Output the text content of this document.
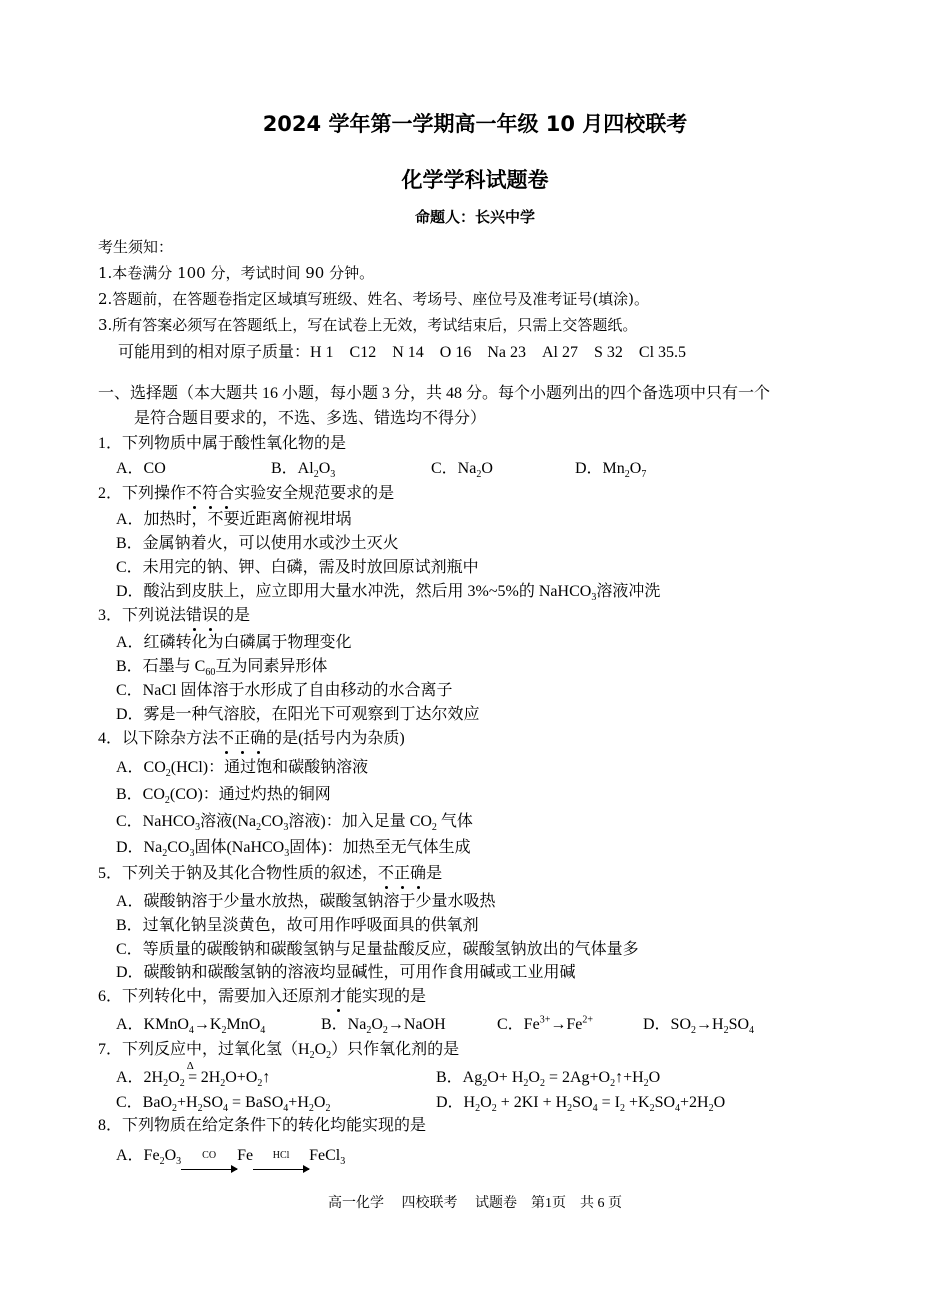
2024 学年第一学期高一年级 10 月四校联考
化学学科试题卷
命题人：长兴中学
考生须知：
1.本卷满分 100 分，考试时间 90 分钟。
2.答题前，在答题卷指定区域填写班级、姓名、考场号、座位号及准考证号(填涂)。
3.所有答案必须写在答题纸上，写在试卷上无效，考试结束后，只需上交答题纸。
可能用到的相对原子质量：H 1　C12　N 14　O 16　Na 23　Al 27　S 32　Cl 35.5
一、选择题（本大题共 16 小题，每小题 3 分，共 48 分。每个小题列出的四个备选项中只有一个
是符合题目要求的，不选、多选、错选均不得分）
1．下列物质中属于酸性氧化物的是
A．CO	B．$Al_2O_3$	C．$Na_2O$	D．$Mn_2O_7$
2．下列操作不符合实验安全规范要求的是
A．加热时，不要近距离俯视坩埚
B．金属钠着火，可以使用水或沙土灭火
C．未用完的钠、钾、白磷，需及时放回原试剂瓶中
D．酸沾到皮肤上，应立即用大量水冲洗，然后用 3%~5%的 NaHCO$_3$溶液冲洗
3．下列说法错误的是
A．红磷转化为白磷属于物理变化
B．石墨与 $C_{60}$互为同素异形体
C．NaCl 固体溶于水形成了自由移动的水合离子
D．雾是一种气溶胶，在阳光下可观察到丁达尔效应
4．以下除杂方法不正确的是(括号内为杂质)
A．$CO_2(HCl)$：通过饱和碳酸钠溶液
B．$CO_2(CO)$：通过灼热的铜网
C．NaHCO$_3$溶液($Na_2CO_3$溶液)：加入足量 $CO_2$ 气体
D．$Na_2CO_3$固体(NaHCO$_3$固体)：加热至无气体生成
5．下列关于钠及其化合物性质的叙述，不正确是
A．碳酸钠溶于少量水放热，碳酸氢钠溶于少量水吸热
B．过氧化钠呈淡黄色，故可用作呼吸面具的供氧剂
C．等质量的碳酸钠和碳酸氢钠与足量盐酸反应，碳酸氢钠放出的气体量多
D．碳酸钠和碳酸氢钠的溶液均显碱性，可用作食用碱或工业用碱
6．下列转化中，需要加入还原剂才能实现的是
A．$KMnO_4\to K_2MnO_4$	B．$Na_2O_2\to NaOH$	C．$Fe^{3+}\to Fe^{2+}$	D．$SO_2\to H_2SO_4$
7．下列反应中，过氧化氢$(H_2O_2)$只作氧化剂的是
A．$2H_2O_2$
Δ
= $2H_2O+O_2↑$	B．$Ag_2O+ H_2O_2$ = $2Ag+O_2↑+H_2O$
C．$BaO_2+H_2SO_4$ = $BaSO_4+H_2O_2$	D．$H_2O_2 + 2KI + H_2SO_4 = I_2 +K_2SO_4+2H_2O$
8．下列物质在给定条件下的转化均能实现的是
A．$Fe_2O_3$
CO	Fe	HCl	FeCl$_3$
高一化学　 四校联考　 试题卷　第1页　共 6 页
